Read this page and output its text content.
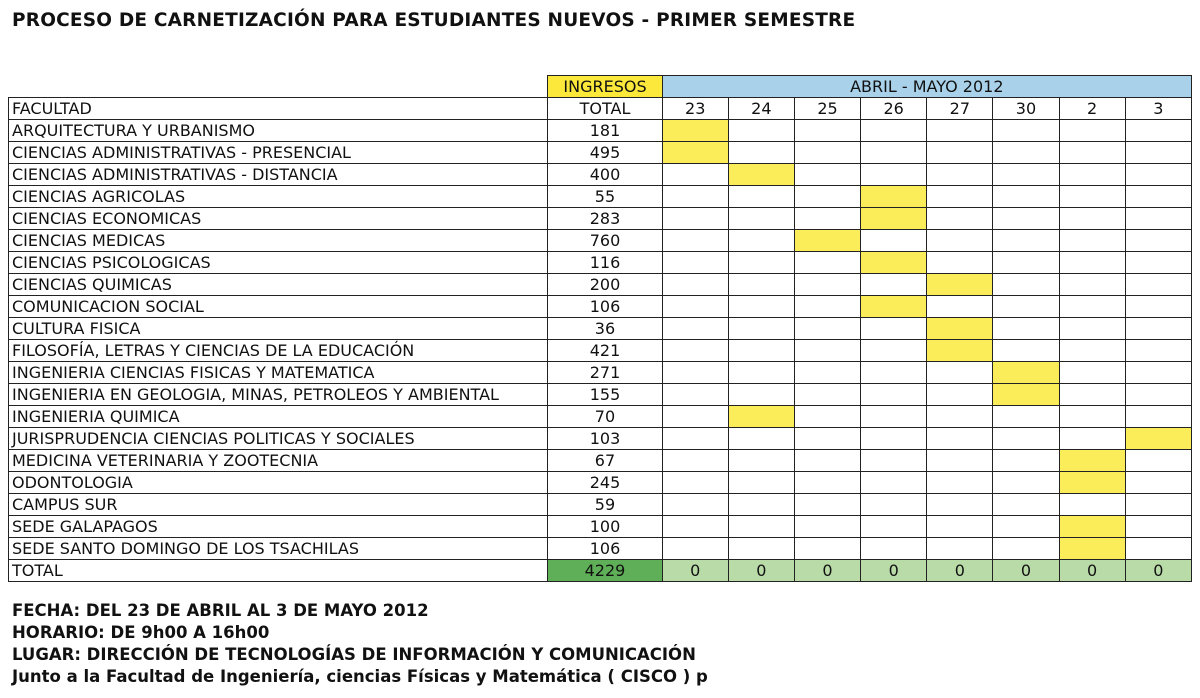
PROCESO DE CARNETIZACIÓN PARA ESTUDIANTES NUEVOS - PRIMER SEMESTRE
	INGRESOS	ABRIL - MAYO 2012							
FACULTAD	TOTAL	23	24	25	26	27	30	2	3
ARQUITECTURA Y URBANISMO	181								
CIENCIAS ADMINISTRATIVAS - PRESENCIAL	495								
CIENCIAS ADMINISTRATIVAS - DISTANCIA	400								
CIENCIAS AGRICOLAS	55								
CIENCIAS ECONOMICAS	283								
CIENCIAS MEDICAS	760								
CIENCIAS PSICOLOGICAS	116								
CIENCIAS QUIMICAS	200								
COMUNICACION SOCIAL	106								
CULTURA FISICA	36								
FILOSOFÍA, LETRAS Y CIENCIAS DE LA EDUCACIÓN	421								
INGENIERIA CIENCIAS FISICAS Y MATEMATICA	271								
INGENIERIA EN GEOLOGIA, MINAS, PETROLEOS Y AMBIENTAL	155								
INGENIERIA QUIMICA	70								
JURISPRUDENCIA CIENCIAS POLITICAS Y SOCIALES	103								
MEDICINA VETERINARIA Y ZOOTECNIA	67								
ODONTOLOGIA	245								
CAMPUS SUR	59								
SEDE GALAPAGOS	100								
SEDE SANTO DOMINGO DE LOS TSACHILAS	106								
TOTAL	4229	0	0	0	0	0	0	0	0
FECHA: DEL 23 DE ABRIL AL 3 DE MAYO 2012
HORARIO: DE 9h00 A 16h00
LUGAR: DIRECCIÓN DE TECNOLOGÍAS DE INFORMACIÓN Y COMUNICACIÓN
Junto a la Facultad de Ingeniería, ciencias Físicas y Matemática ( CISCO ) p
